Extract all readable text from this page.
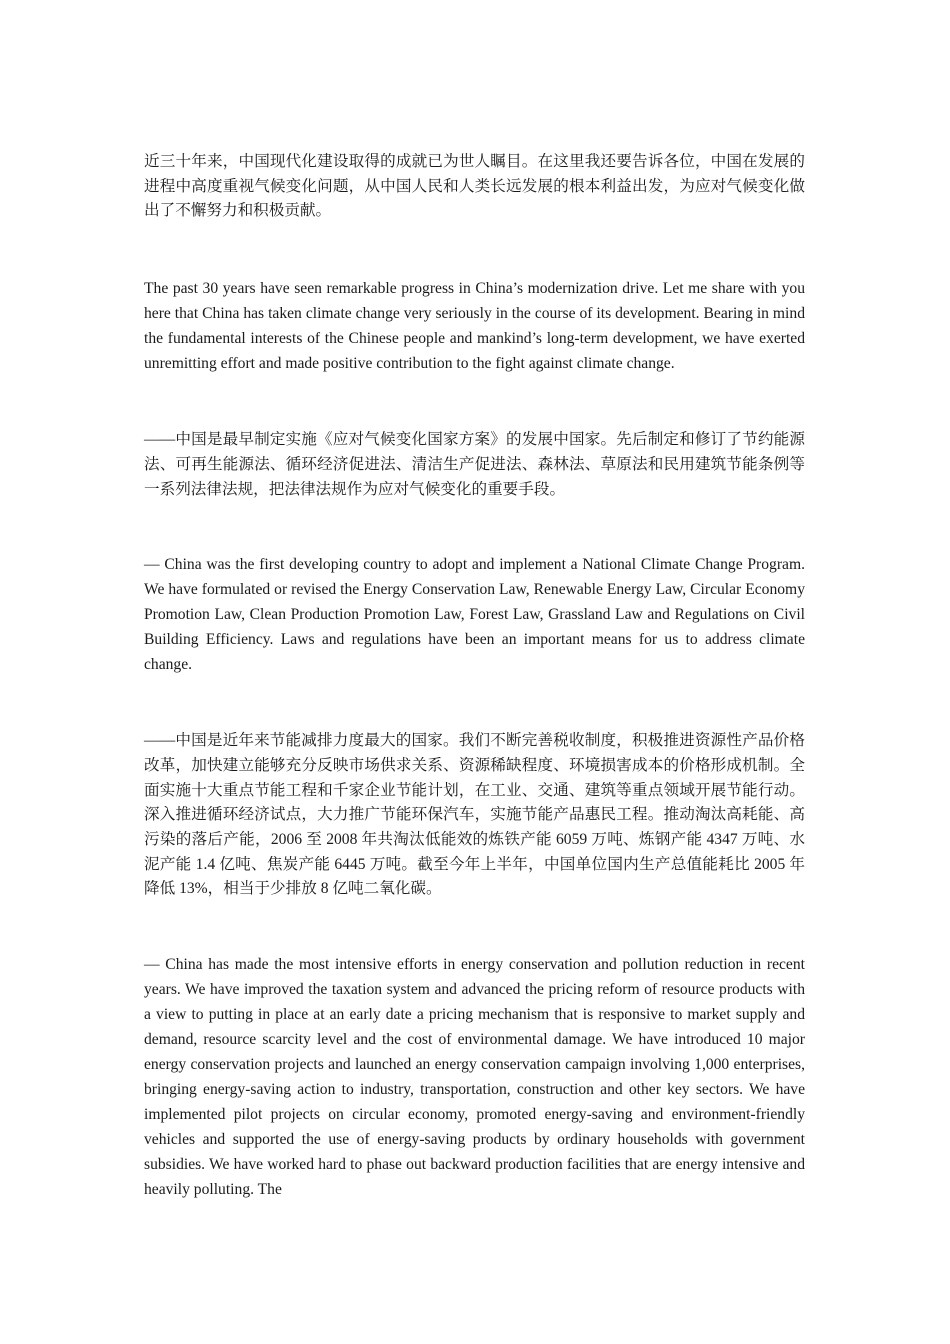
近三十年来，中国现代化建设取得的成就已为世人瞩目。在这里我还要告诉各位，中国在发展的进程中高度重视气候变化问题，从中国人民和人类长远发展的根本利益出发，为应对气候变化做出了不懈努力和积极贡献。

The past 30 years have seen remarkable progress in China’s modernization drive. Let me share with you here that China has taken climate change very seriously in the course of its development. Bearing in mind the fundamental interests of the Chinese people and mankind’s long-term development, we have exerted unremitting effort and made positive contribution to the fight against climate change.

——中国是最早制定实施《应对气候变化国家方案》的发展中国家。先后制定和修订了节约能源法、可再生能源法、循环经济促进法、清洁生产促进法、森林法、草原法和民用建筑节能条例等一系列法律法规，把法律法规作为应对气候变化的重要手段。

— China was the first developing country to adopt and implement a National Climate Change Program. We have formulated or revised the Energy Conservation Law, Renewable Energy Law, Circular Economy Promotion Law, Clean Production Promotion Law, Forest Law, Grassland Law and Regulations on Civil Building Efficiency. Laws and regulations have been an important means for us to address climate change.

——中国是近年来节能减排力度最大的国家。我们不断完善税收制度，积极推进资源性产品价格改革，加快建立能够充分反映市场供求关系、资源稀缺程度、环境损害成本的价格形成机制。全面实施十大重点节能工程和千家企业节能计划，在工业、交通、建筑等重点领域开展节能行动。深入推进循环经济试点，大力推广节能环保汽车，实施节能产品惠民工程。推动淘汰高耗能、高污染的落后产能，2006 至 2008 年共淘汰低能效的炼铁产能 6059 万吨、炼钢产能 4347 万吨、水泥产能 1.4 亿吨、焦炭产能 6445 万吨。截至今年上半年，中国单位国内生产总值能耗比 2005 年降低 13%，相当于少排放 8 亿吨二氧化碳。

— China has made the most intensive efforts in energy conservation and pollution reduction in recent years. We have improved the taxation system and advanced the pricing reform of resource products with a view to putting in place at an early date a pricing mechanism that is responsive to market supply and demand, resource scarcity level and the cost of environmental damage. We have introduced 10 major energy conservation projects and launched an energy conservation campaign involving 1,000 enterprises, bringing energy-saving action to industry, transportation, construction and other key sectors. We have implemented pilot projects on circular economy, promoted energy-saving and environment-friendly vehicles and supported the use of energy-saving products by ordinary households with government subsidies. We have worked hard to phase out backward production facilities that are energy intensive and heavily polluting. The
